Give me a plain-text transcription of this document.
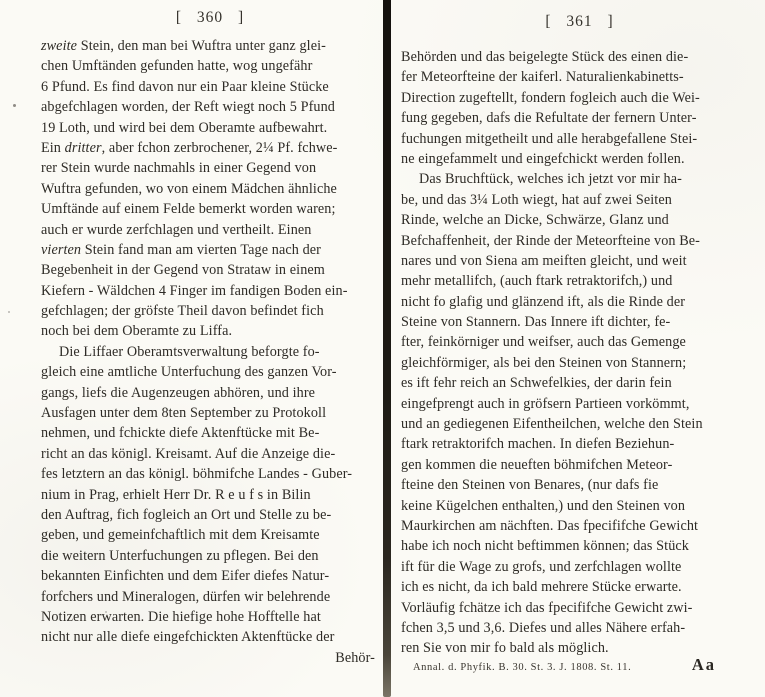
[ 360 ]
zweite Stein, den man bei Wuftra unter ganz glei-
chen Umftänden gefunden hatte, wog ungefähr
6 Pfund. Es find davon nur ein Paar kleine Stücke
abgefchlagen worden, der Reft wiegt noch 5 Pfund
19 Loth, und wird bei dem Oberamte aufbewahrt.
Ein dritter, aber fchon zerbrochener, 2¼ Pf. fchwe-
rer Stein wurde nachmahls in einer Gegend von
Wuftra gefunden, wo von einem Mädchen ähnliche
Umftände auf einem Felde bemerkt worden waren;
auch er wurde zerfchlagen und vertheilt. Einen
vierten Stein fand man am vierten Tage nach der
Begebenheit in der Gegend von Strataw in einem
Kiefern - Wäldchen 4 Finger im fandigen Boden ein-
gefchlagen; der gröfste Theil davon befindet fich
noch bei dem Oberamte zu Liffa.
Die Liffaer Oberamtsverwaltung beforgte fo-
gleich eine amtliche Unterfuchung des ganzen Vor-
gangs, liefs die Augenzeugen abhören, und ihre
Ausfagen unter dem 8ten September zu Protokoll
nehmen, und fchickte diefe Aktenftücke mit Be-
richt an das königl. Kreisamt. Auf die Anzeige die-
fes letztern an das königl. böhmifche Landes - Guber-
nium in Prag, erhielt Herr Dr. R e u f s in Bilin
den Auftrag, fich fogleich an Ort und Stelle zu be-
geben, und gemeinfchaftlich mit dem Kreisamte
die weitern Unterfuchungen zu pflegen. Bei den
bekannten Einfichten und dem Eifer diefes Natur-
forfchers und Mineralogen, dürfen wir belehrende
Notizen erwarten. Die hiefige hohe Hofftelle hat
nicht nur alle diefe eingefchickten Aktenftücke der
Behör-
[ 361 ]
Behörden und das beigelegte Stück des einen die-
fer Meteorfteine der kaiferl. Naturalienkabinetts-
Direction zugeftellt, fondern fogleich auch die Wei-
fung gegeben, dafs die Refultate der fernern Unter-
fuchungen mitgetheilt und alle herabgefallene Stei-
ne eingefammelt und eingefchickt werden follen.
Das Bruchftück, welches ich jetzt vor mir ha-
be, und das 3¼ Loth wiegt, hat auf zwei Seiten
Rinde, welche an Dicke, Schwärze, Glanz und
Befchaffenheit, der Rinde der Meteorfteine von Be-
nares und von Siena am meiften gleicht, und weit
mehr metallifch, (auch ftark retraktorifch,) und
nicht fo glafig und glänzend ift, als die Rinde der
Steine von Stannern. Das Innere ift dichter, fe-
fter, feinkörniger und weifser, auch das Gemenge
gleichförmiger, als bei den Steinen von Stannern;
es ift fehr reich an Schwefelkies, der darin fein
eingefprengt auch in gröfsern Partieen vorkömmt,
und an gediegenen Eifentheilchen, welche den Stein
ftark retraktorifch machen. In diefen Beziehun-
gen kommen die neueften böhmifchen Meteor-
fteine den Steinen von Benares, (nur dafs fie
keine Kügelchen enthalten,) und den Steinen von
Maurkirchen am nächften. Das fpecififche Gewicht
habe ich noch nicht beftimmen können; das Stück
ift für die Wage zu grofs, und zerfchlagen wollte
ich es nicht, da ich bald mehrere Stücke erwarte.
Vorläufig fchätze ich das fpecififche Gewicht zwi-
fchen 3,5 und 3,6. Diefes und alles Nähere erfah-
ren Sie von mir fo bald als möglich.
Annal. d. Phyfik. B. 30. St. 3. J. 1808. St. 11.	Aa
